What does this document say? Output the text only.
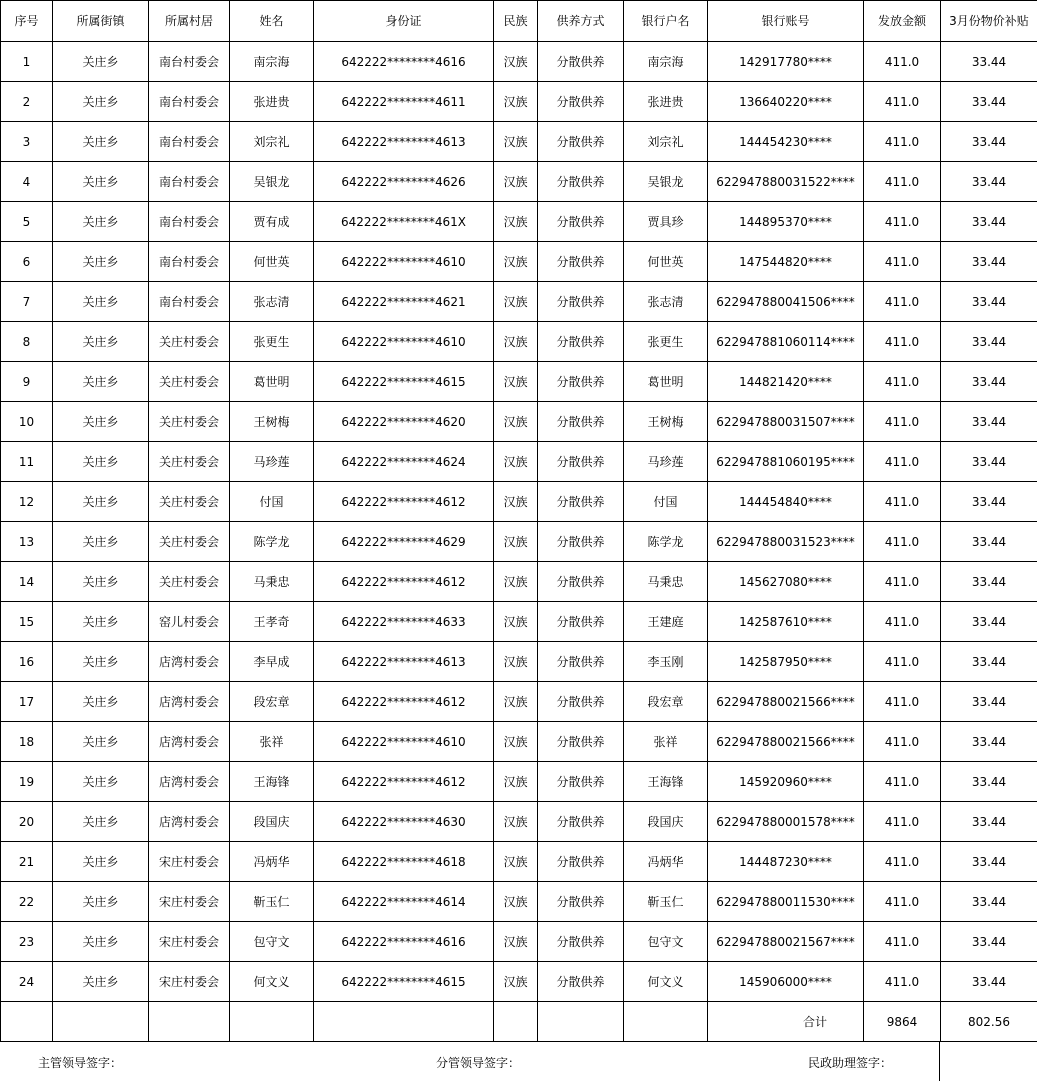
序号	所属街镇	所属村居	姓名	身份证	民族	供养方式	银行户名	银行账号	发放金额	3月份物价补贴
1	关庄乡	南台村委会	南宗海	642222********4616	汉族	分散供养	南宗海	142917780****	411.0	33.44
2	关庄乡	南台村委会	张进贵	642222********4611	汉族	分散供养	张进贵	136640220****	411.0	33.44
3	关庄乡	南台村委会	刘宗礼	642222********4613	汉族	分散供养	刘宗礼	144454230****	411.0	33.44
4	关庄乡	南台村委会	吴银龙	642222********4626	汉族	分散供养	吴银龙	622947880031522****	411.0	33.44
5	关庄乡	南台村委会	贾有成	642222********461X	汉族	分散供养	贾具珍	144895370****	411.0	33.44
6	关庄乡	南台村委会	何世英	642222********4610	汉族	分散供养	何世英	147544820****	411.0	33.44
7	关庄乡	南台村委会	张志清	642222********4621	汉族	分散供养	张志清	622947880041506****	411.0	33.44
8	关庄乡	关庄村委会	张更生	642222********4610	汉族	分散供养	张更生	622947881060114****	411.0	33.44
9	关庄乡	关庄村委会	葛世明	642222********4615	汉族	分散供养	葛世明	144821420****	411.0	33.44
10	关庄乡	关庄村委会	王树梅	642222********4620	汉族	分散供养	王树梅	622947880031507****	411.0	33.44
11	关庄乡	关庄村委会	马珍莲	642222********4624	汉族	分散供养	马珍莲	622947881060195****	411.0	33.44
12	关庄乡	关庄村委会	付国	642222********4612	汉族	分散供养	付国	144454840****	411.0	33.44
13	关庄乡	关庄村委会	陈学龙	642222********4629	汉族	分散供养	陈学龙	622947880031523****	411.0	33.44
14	关庄乡	关庄村委会	马秉忠	642222********4612	汉族	分散供养	马秉忠	145627080****	411.0	33.44
15	关庄乡	窑儿村委会	王孝奇	642222********4633	汉族	分散供养	王建庭	142587610****	411.0	33.44
16	关庄乡	店湾村委会	李早成	642222********4613	汉族	分散供养	李玉刚	142587950****	411.0	33.44
17	关庄乡	店湾村委会	段宏章	642222********4612	汉族	分散供养	段宏章	622947880021566****	411.0	33.44
18	关庄乡	店湾村委会	张祥	642222********4610	汉族	分散供养	张祥	622947880021566****	411.0	33.44
19	关庄乡	店湾村委会	王海锋	642222********4612	汉族	分散供养	王海锋	145920960****	411.0	33.44
20	关庄乡	店湾村委会	段国庆	642222********4630	汉族	分散供养	段国庆	622947880001578****	411.0	33.44
21	关庄乡	宋庄村委会	冯炳华	642222********4618	汉族	分散供养	冯炳华	144487230****	411.0	33.44
22	关庄乡	宋庄村委会	靳玉仁	642222********4614	汉族	分散供养	靳玉仁	622947880011530****	411.0	33.44
23	关庄乡	宋庄村委会	包守文	642222********4616	汉族	分散供养	包守文	622947880021567****	411.0	33.44
24	关庄乡	宋庄村委会	何文义	642222********4615	汉族	分散供养	何文义	145906000****	411.0	33.44
								合计	9864	802.56
主管领导签字：	分管领导签字：	民政助理签字：
